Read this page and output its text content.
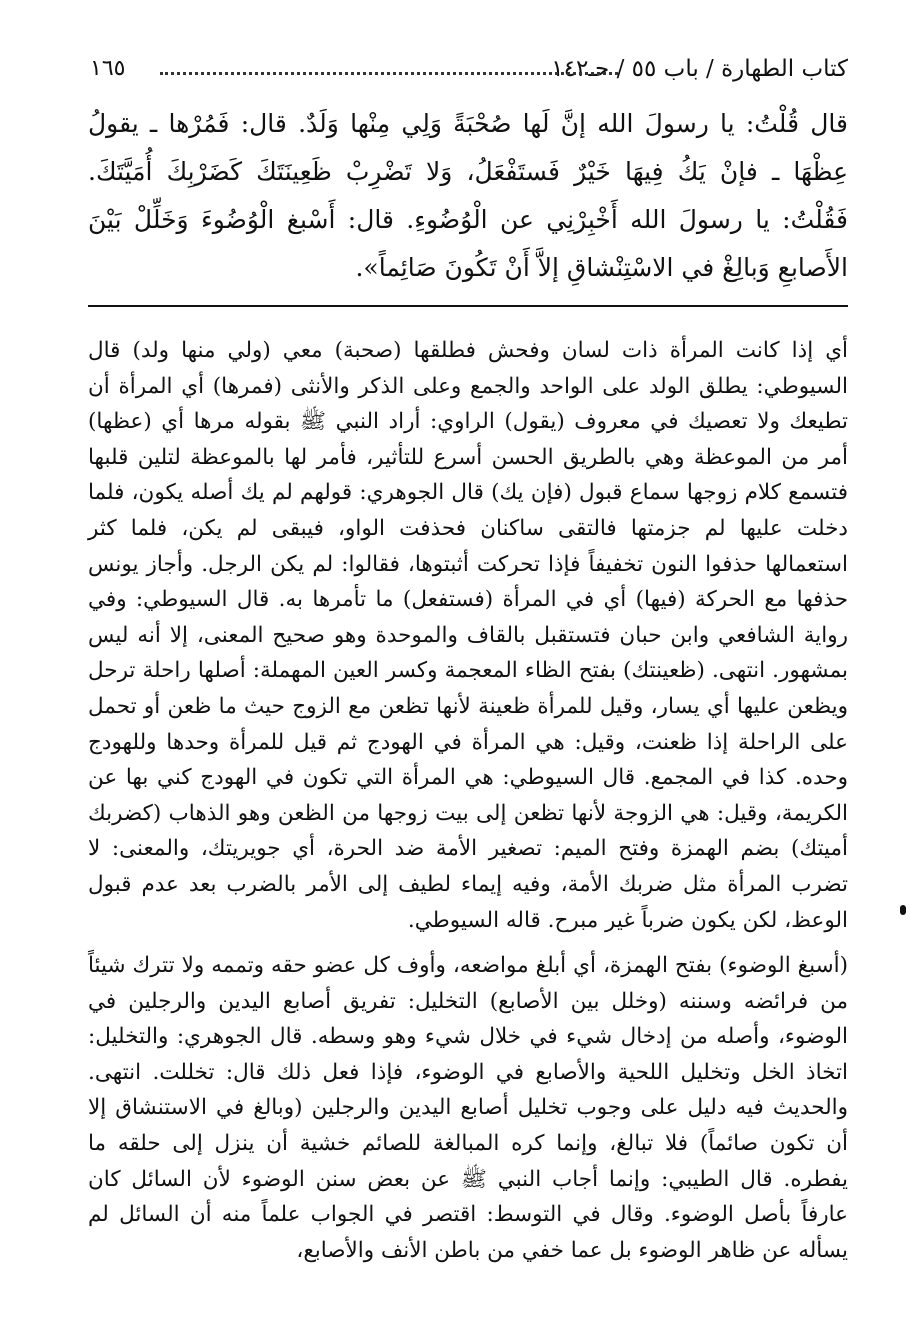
كتاب الطهارة / باب ٥٥ / حـ١٤٢
١٦٥

قال قُلْتُ: يا رسولَ الله إنَّ لَها صُحْبَةً وَلِي مِنْها وَلَدٌ. قال: فَمُرْها ـ يقولُ عِظْهَا ـ فإنْ يَكُ فِيهَا خَيْرٌ فَستَفْعَلُ، وَلا تَضْرِبْ ظَعِينَتَكَ كَضَرْبِكَ أُمَيَّتَكَ. فَقُلْتُ: يا رسولَ الله أَخْبِرْنِي عن الْوُضُوءِ. قال: أَسْبغ الْوُضُوءَ وَخَلِّلْ بَيْنَ الأَصابعِ وَبالِغْ في الاسْتِنْشاقِ إلاَّ أَنْ تَكُونَ صَائِماً».

أي إذا كانت المرأة ذات لسان وفحش فطلقها (صحبة) معي (ولي منها ولد) قال السيوطي: يطلق الولد على الواحد والجمع وعلى الذكر والأنثى (فمرها) أي المرأة أن تطيعك ولا تعصيك في معروف (يقول) الراوي: أراد النبي ﷺ بقوله مرها أي (عظها) أمر من الموعظة وهي بالطريق الحسن أسرع للتأثير، فأمر لها بالموعظة لتلين قلبها فتسمع كلام زوجها سماع قبول (فإن يك) قال الجوهري: قولهم لم يك أصله يكون، فلما دخلت عليها لم جزمتها فالتقى ساكنان فحذفت الواو، فيبقى لم يكن، فلما كثر استعمالها حذفوا النون تخفيفاً فإذا تحركت أثبتوها، فقالوا: لم يكن الرجل. وأجاز يونس حذفها مع الحركة (فيها) أي في المرأة (فستفعل) ما تأمرها به. قال السيوطي: وفي رواية الشافعي وابن حبان فتستقبل بالقاف والموحدة وهو صحيح المعنى، إلا أنه ليس بمشهور. انتهى. (ظعينتك) بفتح الظاء المعجمة وكسر العين المهملة: أصلها راحلة ترحل ويظعن عليها أي يسار، وقيل للمرأة ظعينة لأنها تظعن مع الزوج حيث ما ظعن أو تحمل على الراحلة إذا ظعنت، وقيل: هي المرأة في الهودج ثم قيل للمرأة وحدها وللهودج وحده. كذا في المجمع. قال السيوطي: هي المرأة التي تكون في الهودج كني بها عن الكريمة، وقيل: هي الزوجة لأنها تظعن إلى بيت زوجها من الظعن وهو الذهاب (كضربك أميتك) بضم الهمزة وفتح الميم: تصغير الأمة ضد الحرة، أي جويريتك، والمعنى: لا تضرب المرأة مثل ضربك الأمة، وفيه إيماء لطيف إلى الأمر بالضرب بعد عدم قبول الوعظ، لكن يكون ضرباً غير مبرح. قاله السيوطي.

(أسبغ الوضوء) بفتح الهمزة، أي أبلغ مواضعه، وأوف كل عضو حقه وتممه ولا تترك شيئاً من فرائضه وسننه (وخلل بين الأصابع) التخليل: تفريق أصابع اليدين والرجلين في الوضوء، وأصله من إدخال شيء في خلال شيء وهو وسطه. قال الجوهري: والتخليل: اتخاذ الخل وتخليل اللحية والأصابع في الوضوء، فإذا فعل ذلك قال: تخللت. انتهى. والحديث فيه دليل على وجوب تخليل أصابع اليدين والرجلين (وبالغ في الاستنشاق إلا أن تكون صائماً) فلا تبالغ، وإنما كره المبالغة للصائم خشية أن ينزل إلى حلقه ما يفطره. قال الطيبي: وإنما أجاب النبي ﷺ عن بعض سنن الوضوء لأن السائل كان عارفاً بأصل الوضوء. وقال في التوسط: اقتصر في الجواب علماً منه أن السائل لم يسأله عن ظاهر الوضوء بل عما خفي من باطن الأنف والأصابع،
